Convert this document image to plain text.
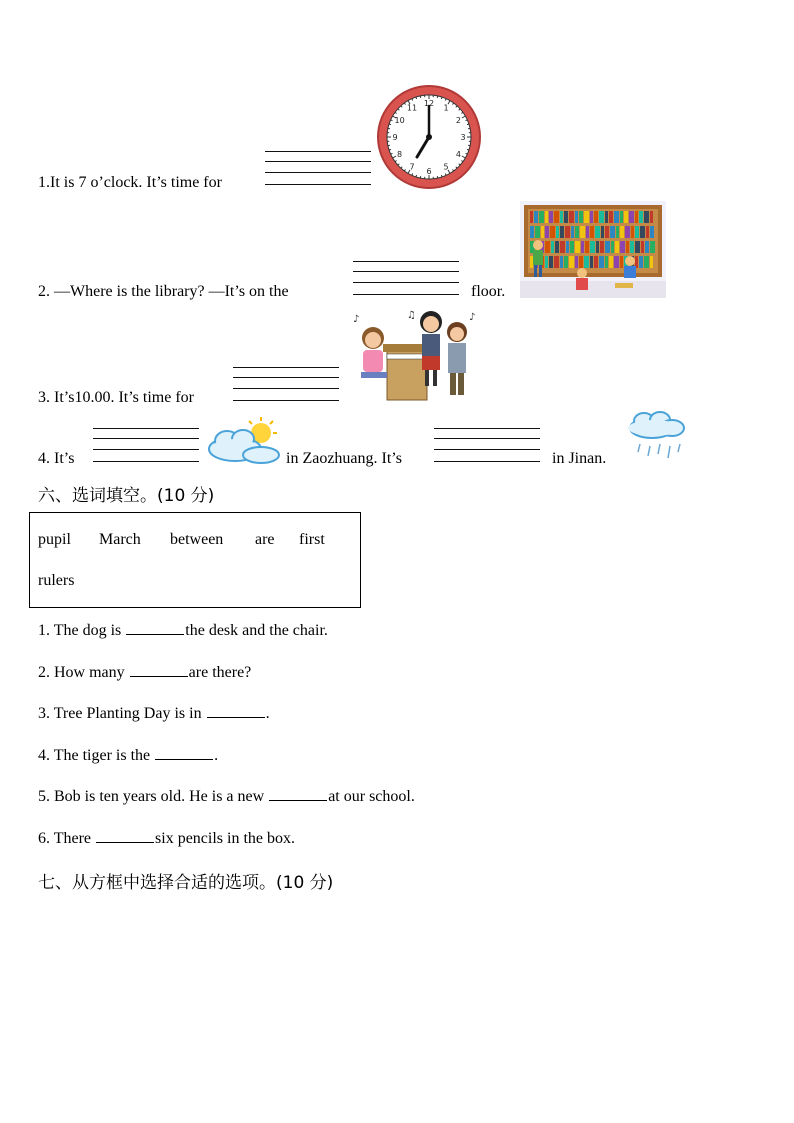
12
1
2
3
4
5
6
7
8
9
10
11
1.It is 7 o’clock. It’s time for
2. —Where is the library? —It’s on the	floor.
♪	♫	♪
3. It’s10.00. It’s time for
4. It’s	in Zaozhuang. It’s	in Jinan.
六、选词填空。(10 分)
pupil March between are first
rulers
1. The dog is	the desk and the chair.
2. How many	are there?
3. Tree Planting Day is in	.
4. The tiger is the	.
5. Bob is ten years old. He is a new	at our school.
6. There	six pencils in the box.
七、从方框中选择合适的选项。(10 分)
